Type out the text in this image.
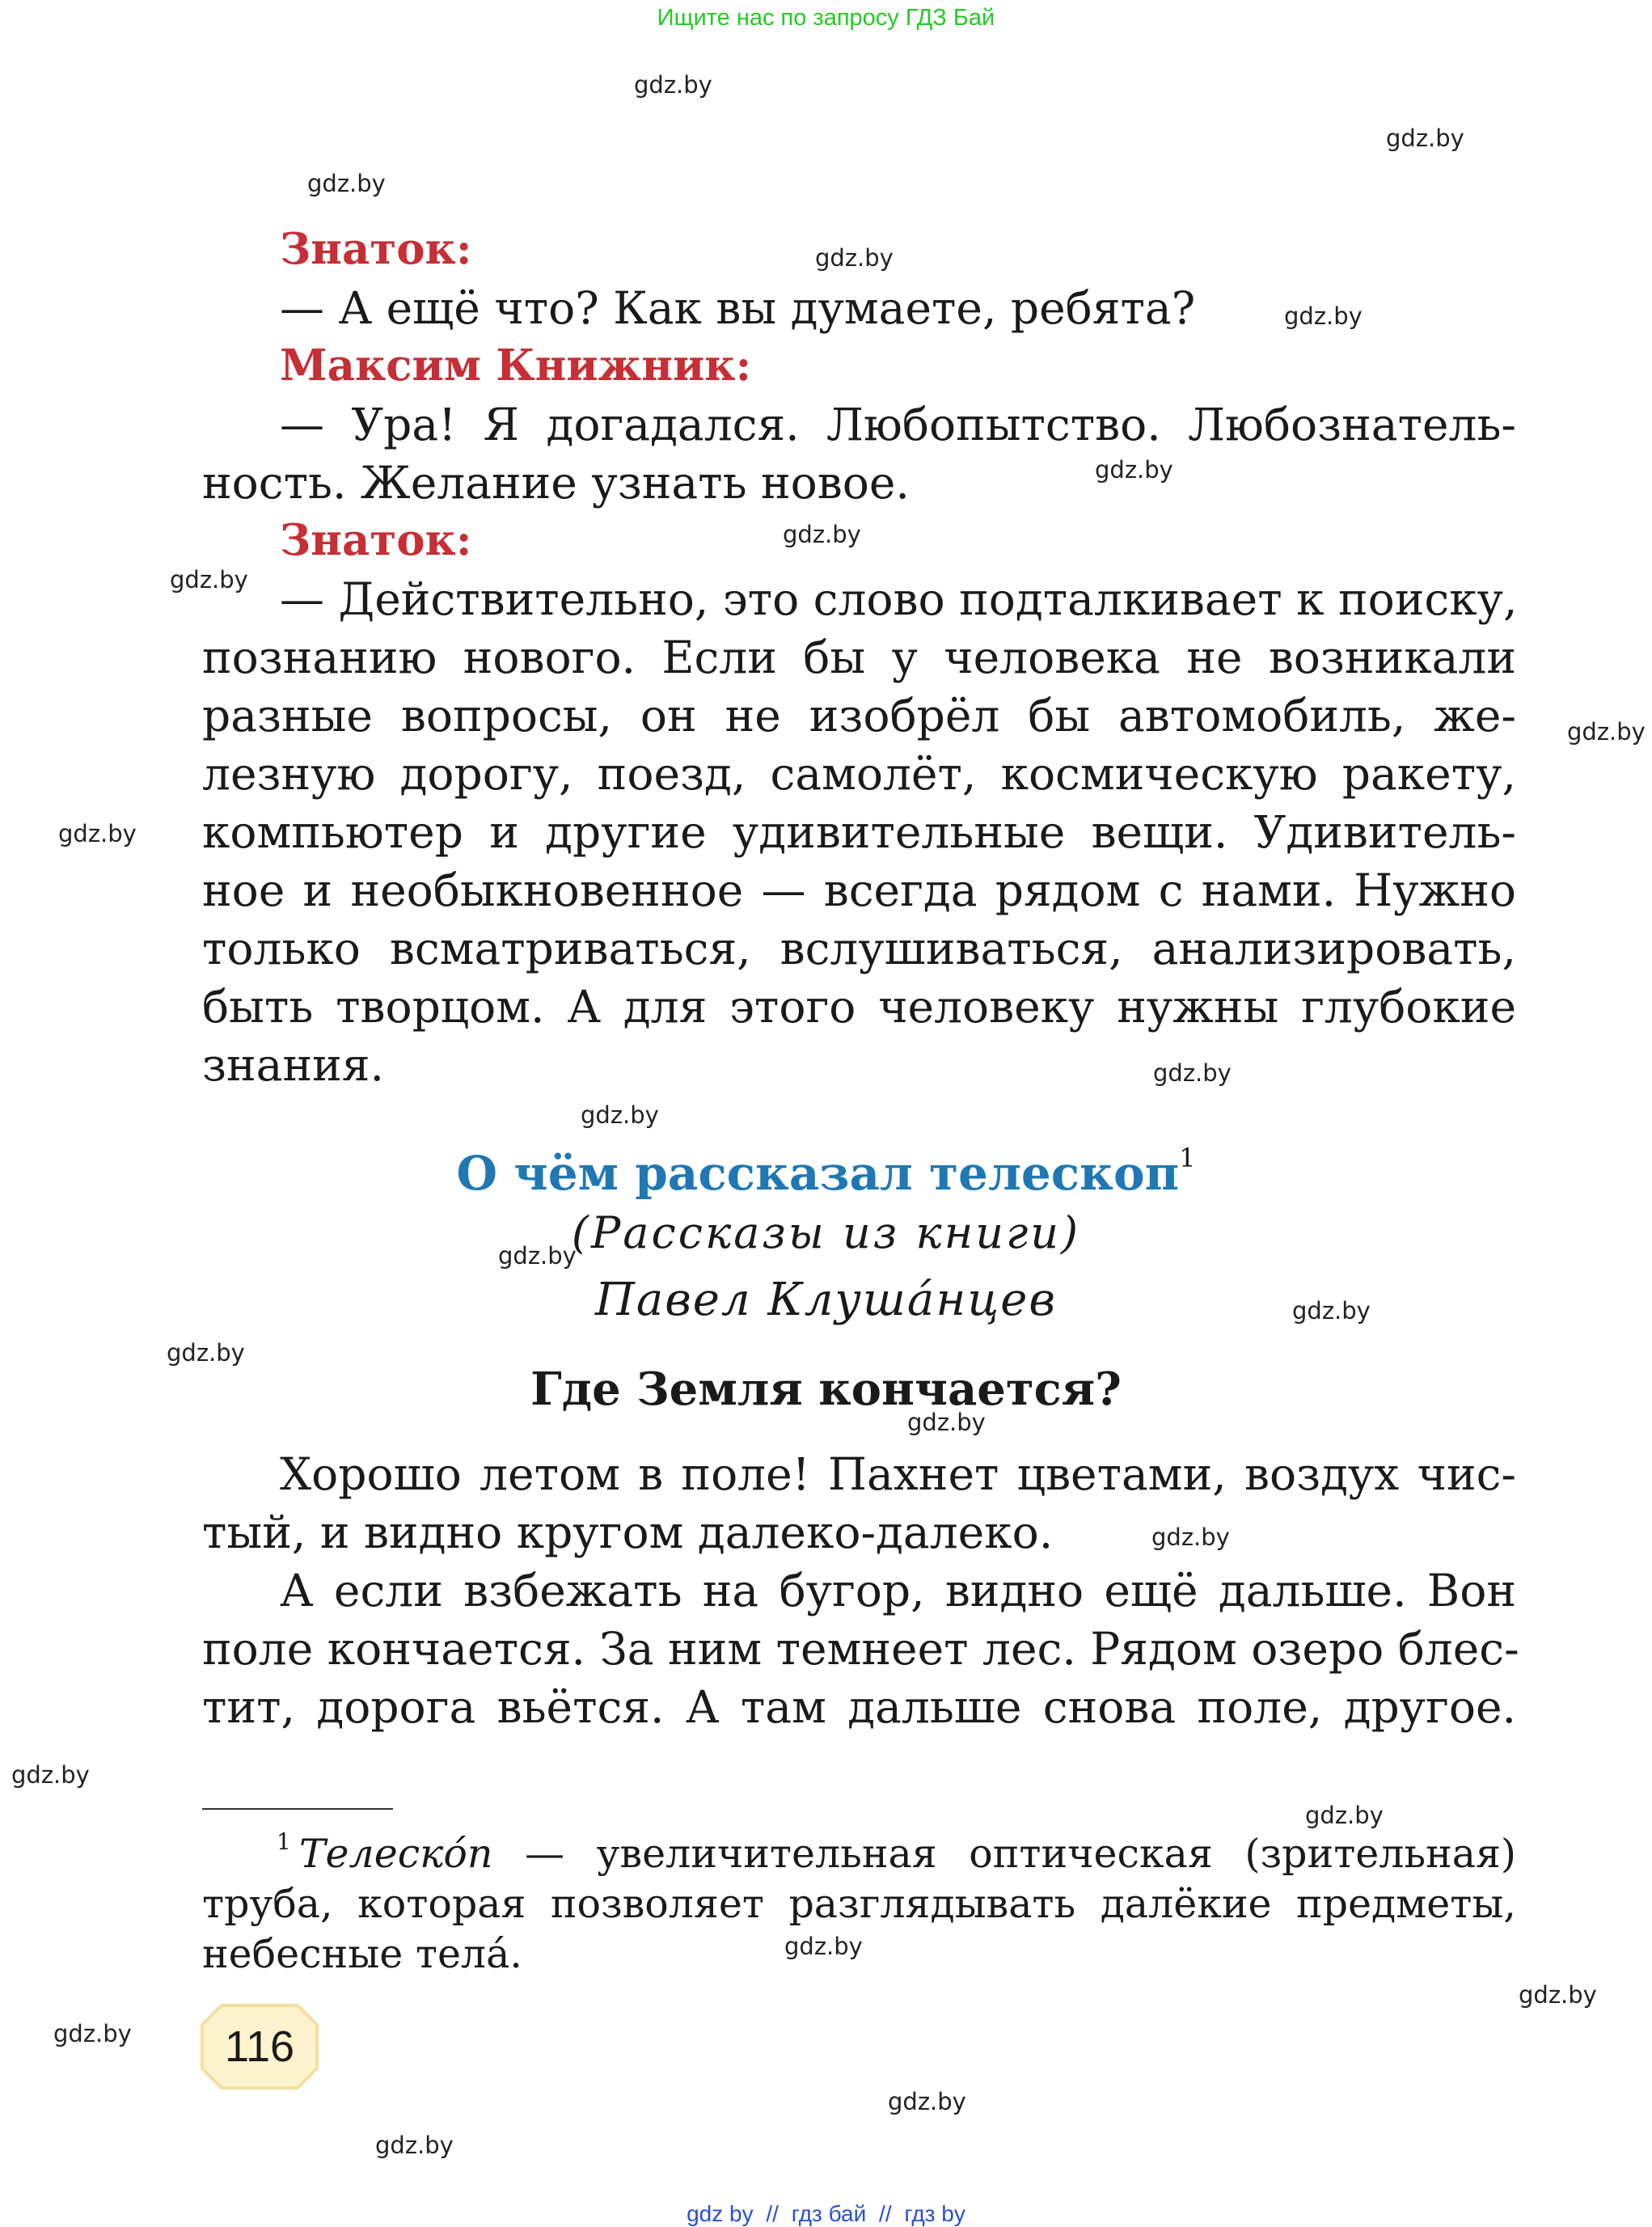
Ищите нас по запросу ГДЗ Бай
gdz.by
gdz.by
gdz.by
gdz.by
gdz.by
gdz.by
gdz.by
gdz.by
gdz.by
gdz.by
gdz.by
gdz.by
gdz.by
gdz.by
gdz.by
gdz.by
gdz.by
gdz.by
gdz.by
gdz.by
gdz.by
gdz.by
gdz.by
gdz.by
Знаток:
— А ещё что? Как вы думаете, ребята?
Максим Книжник:
— Ура! Я догадался. Любопытство. Любознатель-
ность. Желание узнать новое.
Знаток:
— Действительно, это слово подталкивает к поиску,
познанию нового. Если бы у человека не возникали
разные вопросы, он не изобрёл бы автомобиль, же-
лезную дорогу, поезд, самолёт, космическую ракету,
компьютер и другие удивительные вещи. Удивитель-
ное и необыкновенное — всегда рядом с нами. Нужно
только всматриваться, вслушиваться, анализировать,
быть творцом. А для этого человеку нужны глубокие
знания.
О чём рассказал телескоп$^1$
(Рассказы из книги)
Павел Клуша́нцев
Где Земля кончается?
Хорошо летом в поле! Пахнет цветами, воздух чис-
тый, и видно кругом далеко-далеко.
А если взбежать на бугор, видно ещё дальше. Вон
поле кончается. За ним темнеет лес. Рядом озеро блес-
тит, дорога вьётся. А там дальше снова поле, другое.
$^1$ Телеско́п — увеличительная оптическая (зрительная)
труба, которая позволяет разглядывать далёкие предметы,
небесные тела́.
116
gdz by // гдз бай // гдз by
